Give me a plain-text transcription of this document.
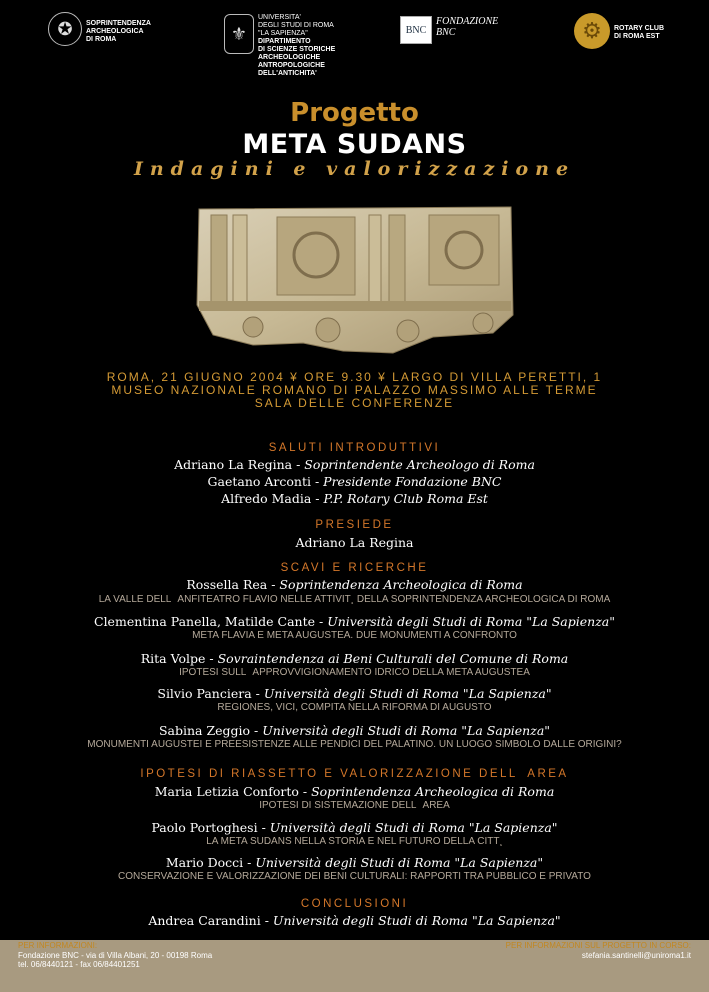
✪	SOPRINTENDENZA
ARCHEOLOGICA
DI ROMA	⚜
UNIVERSITA'
DEGLI STUDI DI ROMA
"LA SAPIENZA"
DIPARTIMENTO
DI SCIENZE STORICHE
ARCHEOLOGICHE
ANTROPOLOGICHE
DELL'ANTICHITA'
BNC
FONDAZIONE
BNC	⚙	ROTARY CLUB
DI ROMA EST
Progetto
META SUDANS
Indagini e valorizzazione
ROMA, 21 GIUGNO 2004 ¥ ORE 9.30 ¥ LARGO DI VILLA PERETTI, 1
MUSEO NAZIONALE ROMANO DI PALAZZO MASSIMO ALLE TERME
SALA DELLE CONFERENZE
SALUTI INTRODUTTIVI
Adriano La Regina - Soprintendente Archeologo di Roma
Gaetano Arconti - Presidente Fondazione BNC
Alfredo Madia - P.P. Rotary Club Roma Est
PRESIEDE
Adriano La Regina
SCAVI E RICERCHE
Rossella Rea - Soprintendenza Archeologica di Roma
LA VALLE DELLANFITEATRO FLAVIO NELLE ATTIVIT¸ DELLA SOPRINTENDENZA ARCHEOLOGICA DI ROMA
Clementina Panella, Matilde Cante - Università degli Studi di Roma "La Sapienza"
META FLAVIA E META AUGUSTEA. DUE MONUMENTI A CONFRONTO
Rita Volpe - Sovraintendenza ai Beni Culturali del Comune di Roma
IPOTESI SULLAPPROVVIGIONAMENTO IDRICO DELLA META AUGUSTEA
Silvio Panciera - Università degli Studi di Roma "La Sapienza"
REGIONES, VICI, COMPITA NELLA RIFORMA DI AUGUSTO
Sabina Zeggio - Università degli Studi di Roma "La Sapienza"
MONUMENTI AUGUSTEI E PREESISTENZE ALLE PENDICI DEL PALATINO. UN LUOGO SIMBOLO DALLE ORIGINI?
IPOTESI DI RIASSETTO E VALORIZZAZIONE DELLAREA
Maria Letizia Conforto - Soprintendenza Archeologica di Roma
IPOTESI DI SISTEMAZIONE DELLAREA
Paolo Portoghesi - Università degli Studi di Roma "La Sapienza"
LA META SUDANS NELLA STORIA E NEL FUTURO DELLA CITT¸
Mario Docci - Università degli Studi di Roma "La Sapienza"
CONSERVAZIONE E VALORIZZAZIONE DEI BENI CULTURALI: RAPPORTI TRA PUBBLICO E PRIVATO
CONCLUSIONI
Andrea Carandini - Università degli Studi di Roma "La Sapienza"
PER INFORMAZIONI:
Fondazione BNC - via di Villa Albani, 20 - 00198 Roma
tel. 06/8440121 - fax 06/84401251
PER INFORMAZIONI SUL PROGETTO IN CORSO:
stefania.santinelli@uniroma1.it
